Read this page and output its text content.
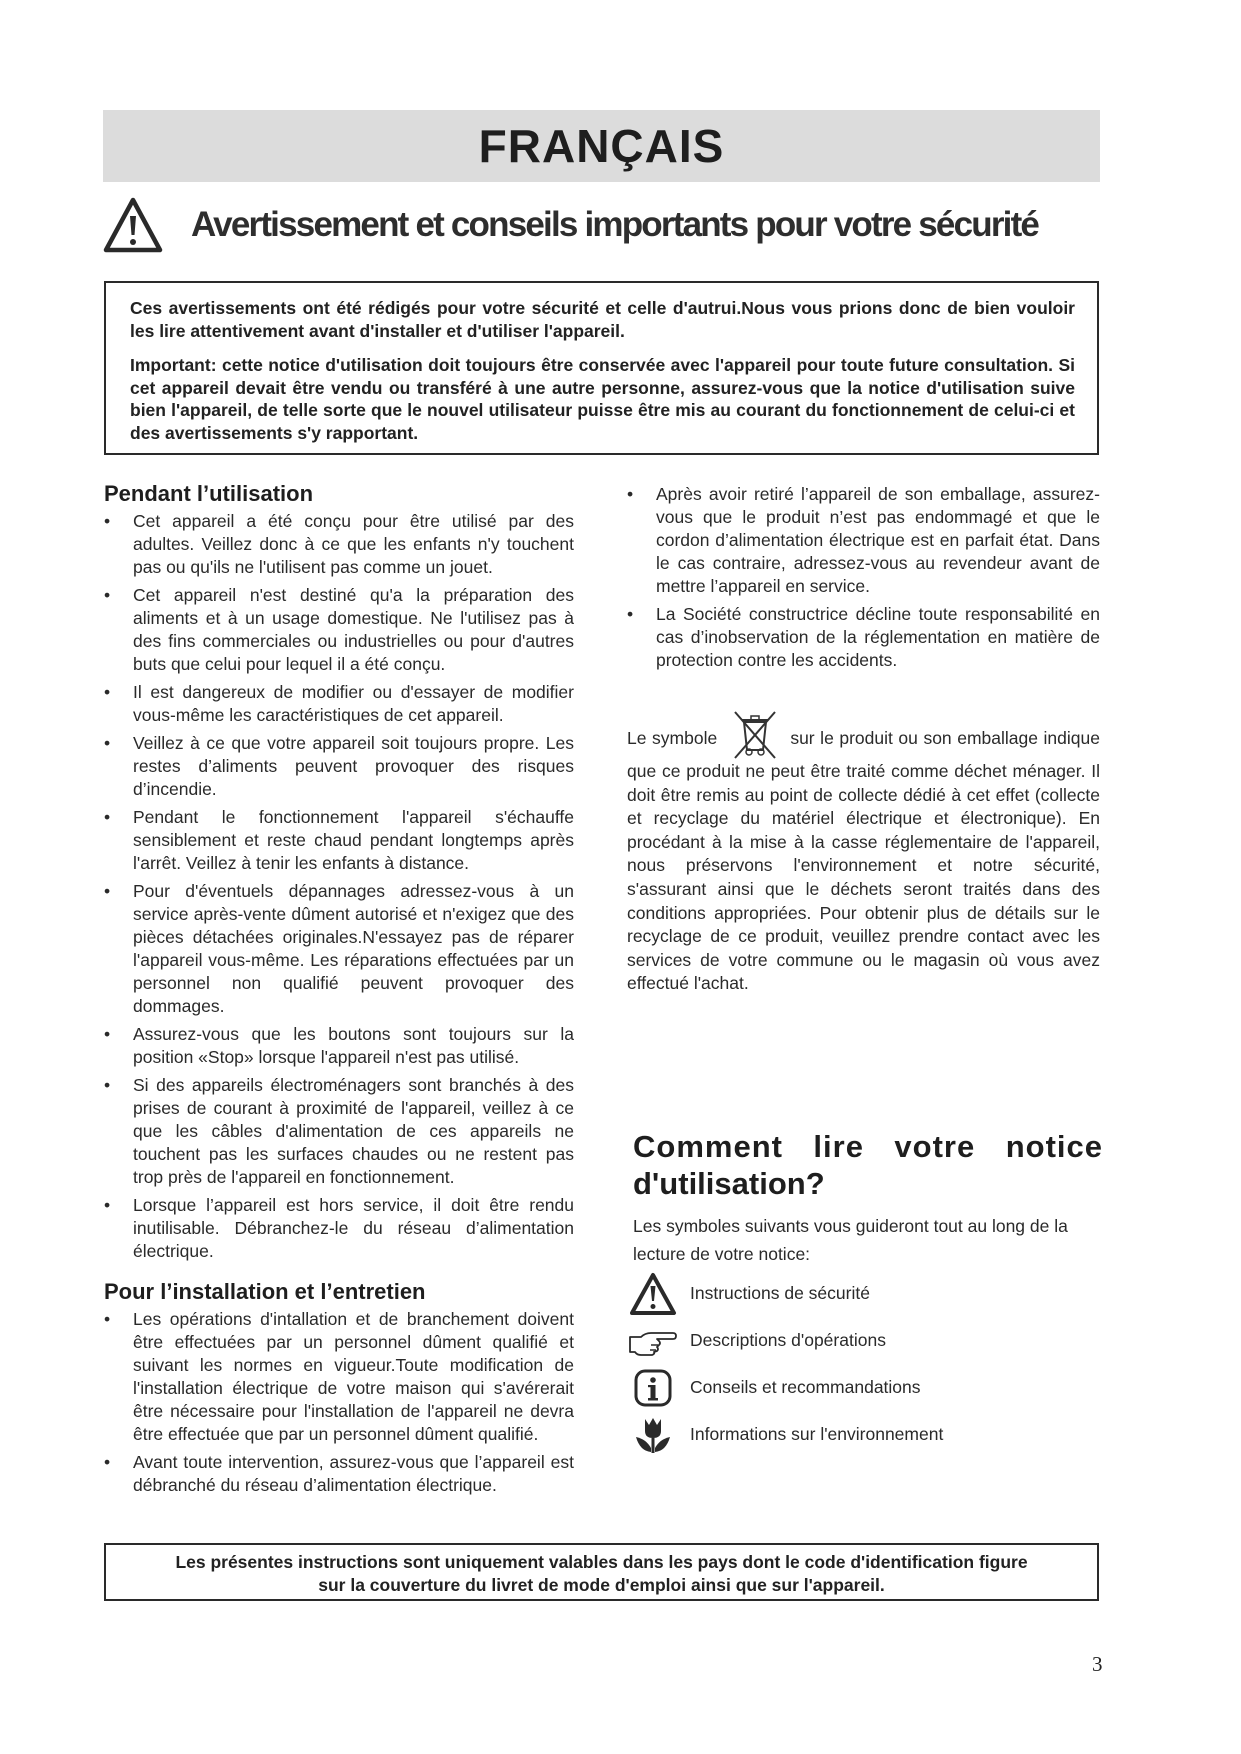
FRANÇAIS
Avertissement et conseils importants pour votre sécurité

Ces avertissements ont été rédigés pour votre sécurité et celle d'autrui.Nous vous prions donc de bien vouloir les lire attentivement avant d'installer et d'utiliser l'appareil.

Important: cette notice d'utilisation doit toujours être conservée avec l'appareil pour toute future consultation. Si cet appareil devait être vendu ou transféré à une autre personne, assurez-vous que la notice d'utilisation suive bien l'appareil, de telle sorte que le nouvel utilisateur puisse être mis au courant du fonctionnement de celui-ci et des avertissements s'y rapportant.

Pendant l’utilisation
• Cet appareil a été conçu pour être utilisé par des adultes. Veillez donc à ce que les enfants n'y touchent pas ou qu'ils ne l'utilisent pas comme un jouet.
• Cet appareil n'est destiné qu'a la préparation des aliments et à un usage domestique. Ne l'utilisez pas à des fins commerciales ou industrielles ou pour d'autres buts que celui pour lequel il a été conçu.
• Il est dangereux de modifier ou d'essayer de modifier vous-même les caractéristiques de cet appareil.
• Veillez à ce que votre appareil soit toujours propre. Les restes d’aliments peuvent provoquer des risques d’incendie.
• Pendant le fonctionnement l'appareil s'échauffe sensiblement et reste chaud pendant longtemps après l'arrêt. Veillez à tenir les enfants à distance.
• Pour d'éventuels dépannages adressez-vous à un service après-vente dûment autorisé et n'exigez que des pièces détachées originales.N'essayez pas de réparer l'appareil vous-même. Les réparations effectuées par un personnel non qualifié peuvent provoquer des dommages.
• Assurez-vous que les boutons sont toujours sur la position «Stop» lorsque l'appareil n'est pas utilisé.
• Si des appareils électroménagers sont branchés à des prises de courant à proximité de l'appareil, veillez à ce que les câbles d'alimentation de ces appareils ne touchent pas les surfaces chaudes ou ne restent pas trop près de l'appareil en fonctionnement.
• Lorsque l’appareil est hors service, il doit être rendu inutilisable. Débranchez-le du réseau d’alimentation électrique.
Pour l’installation et l’entretien
• Les opérations d'intallation et de branchement doivent être effectuées par un personnel dûment qualifié et suivant les normes en vigueur.Toute modification de l'installation électrique de votre maison qui s'avérerait être nécessaire pour l'installation de l'appareil ne devra être effectuée que par un personnel dûment qualifié.
• Avant toute intervention, assurez-vous que l’appareil est débranché du réseau d’alimentation électrique.
• Après avoir retiré l’appareil de son emballage, assurez-vous que le produit n’est pas endommagé et que le cordon d’alimentation électrique est en parfait état. Dans le cas contraire, adressez-vous au revendeur avant de mettre l’appareil en service.
• La Société constructrice décline toute responsabilité en cas d’inobservation de la réglementation en matière de protection contre les accidents.

Le symbole	sur le produit ou son emballage indique que ce produit ne peut être traité comme déchet ménager. Il doit être remis au point de collecte dédié à cet effet (collecte et recyclage du matériel électrique et électronique). En procédant à la mise à la casse réglementaire de l'appareil, nous préservons l'environnement et notre sécurité, s'assurant ainsi que le déchets seront traités dans des conditions appropriées. Pour obtenir plus de détails sur le recyclage de ce produit, veuillez prendre contact avec les services de votre commune ou le magasin où vous avez effectué l'achat.

Comment lire votre notice
d'utilisation?

Les symboles suivants vous guideront tout au long de la lecture de votre notice:

Instructions de sécurité
Descriptions d'opérations
Conseils et recommandations
Informations sur l'environnement

Les présentes instructions sont uniquement valables dans les pays dont le code d'identification figure

sur la couverture du livret de mode d'emploi ainsi que sur l'appareil.

3
